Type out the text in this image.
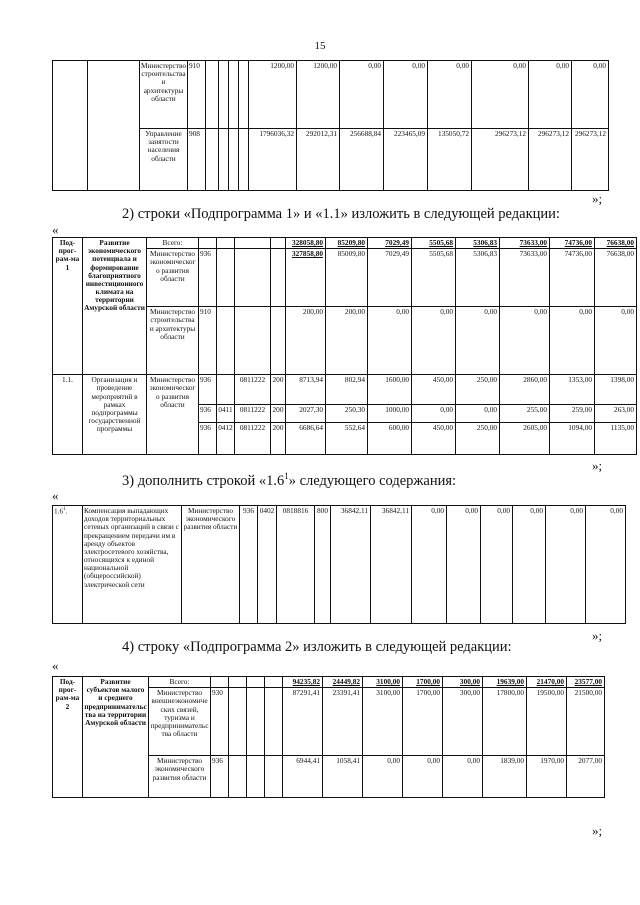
15
		Министерство строительства и архитектуры области	910					1200,00	1200,00	0,00	0,00	0,00	0,00	0,00	0,00
		Управление занятости населения области	908					1796036,32	292012,31	256688,84	223465,09	135050,72	296273,12	296273,12	296273,12
»;
2) строки «Подпрограмма 1» и «1.1» изложить в следующей редакции:
«
Под-прог-рам-ма 1	Развитие экономического потенциала и формирование благоприятного инвестиционного климата на территории Амурской области	Всего:					328058,80	85209,80	7029,49	5505,68	5306,83	73633,00	74736,00	76638,00
		Министерство экономического развития области	936				327858,80	85009,80	7029,49	5505,68	5306,83	73633,00	74736,00	76638,00
		Министерство строительства и архитектуры области	910				200,00	200,00	0,00	0,00	0,00	0,00	0,00	0,00
1.1.	Организация и проведение мероприятий в рамках подпрограммы государственной программы	Министерство экономического развития области	936		0811222	200	8713,94	802,94	1600,00	450,00	250,00	2860,00	1353,00	1398,00
			936	0411	0811222	200	2027,30	250,30	1000,00	0,00	0,00	255,00	259,00	263,00
			936	0412	0811222	200	6686,64	552,64	600,00	450,00	250,00	2605,00	1094,00	1135,00
»;
3) дополнить строкой «$1.6^1$» следующего содержания:
«
$1.6^1$.	Компенсация выпадающих доходов территориальных сетевых организаций в связи с прекращением передачи им в аренду объектов электросетевого хозяйства, относящихся к единой национальной (общероссийской) электрической сети	Министерство экономического развития области	936	0402	0818816	800	36842,11	36842,11	0,00	0,00	0,00	0,00	0,00	0,00
»;
4) строку «Подпрограмма 2» изложить в следующей редакции:
«
Под-прог-рам-ма 2	Развитие субъектов малого и среднего предпринимательства на территории Амурской области	Всего:					94235,82	24449,82	3100,00	1700,00	300,00	19639,00	21470,00	23577,00
		Министерство внешнеэкономических связей, туризма и предпринимательства области	930				87291,41	23391,41	3100,00	1700,00	300,00	17800,00	19500,00	21500,00
		Министерство экономического развития области	936				6944,41	1058,41	0,00	0,00	0,00	1839,00	1970,00	2077,00
»;
